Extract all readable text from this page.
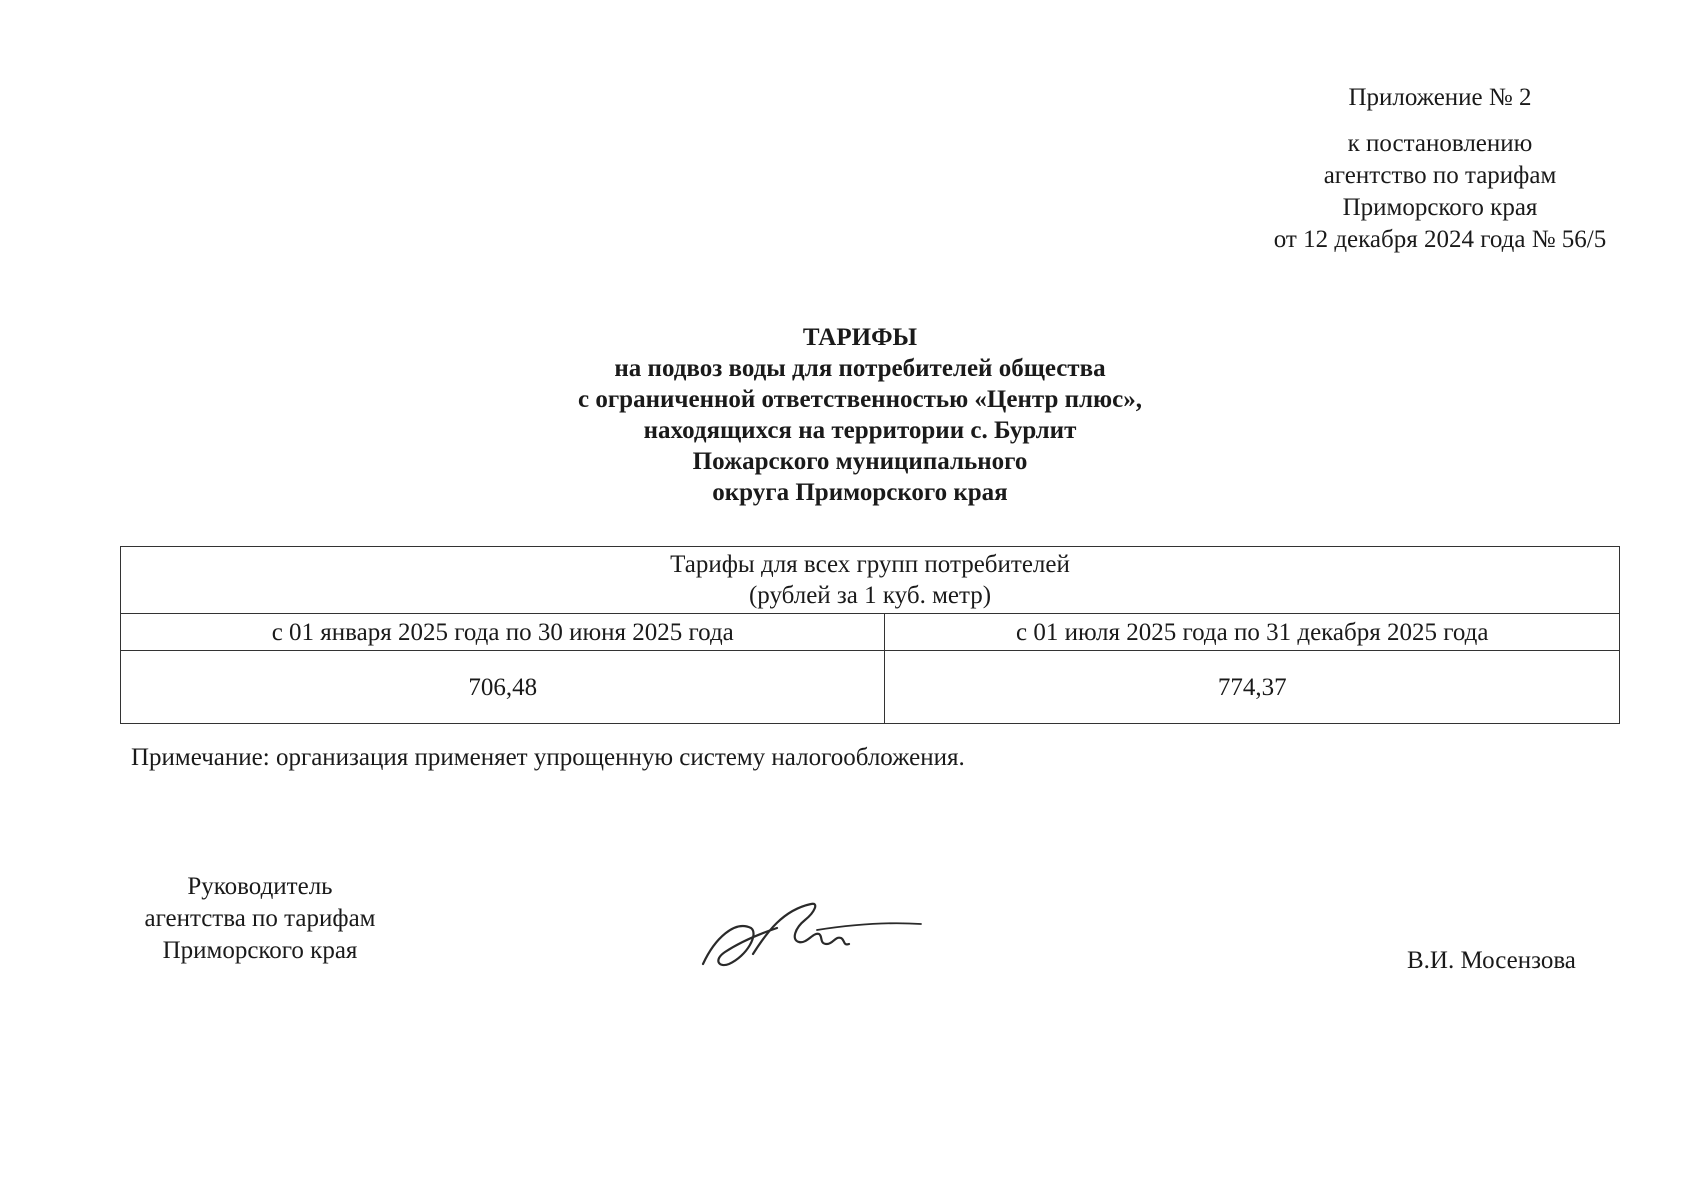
Приложение № 2
к постановлению
агентство по тарифам
Приморского края
от 12 декабря 2024 года № 56/5
ТАРИФЫ
на подвоз воды для потребителей общества
с ограниченной ответственностью «Центр плюс»,
находящихся на территории с. Бурлит
Пожарского муниципального
округа Приморского края
Тарифы для всех групп потребителей
(рублей за 1 куб. метр)	

с 01 января 2025 года по 30 июня 2025 года	с 01 июля 2025 года по 31 декабря 2025 года
706,48	774,37
Примечание: организация применяет упрощенную систему налогообложения.
Руководитель
агентства по тарифам
Приморского края	В.И. Мосензова
